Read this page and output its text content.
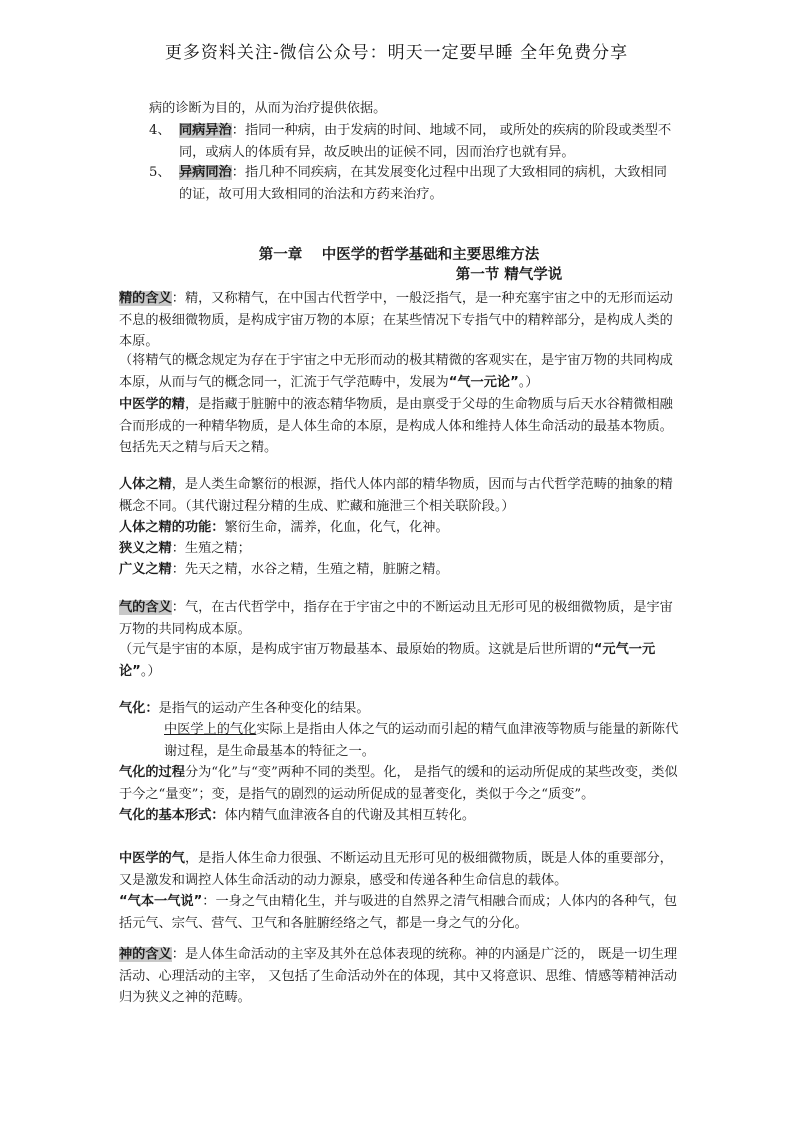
更多资料关注-微信公众号：明天一定要早睡 全年免费分享
病的诊断为目的，从而为治疗提供依据。
4、 同病异治：指同一种病，由于发病的时间、地域不同， 或所处的疾病的阶段或类型不同，或病人的体质有异，故反映出的证候不同，因而治疗也就有异。
5、 异病同治：指几种不同疾病，在其发展变化过程中出现了大致相同的病机，大致相同的证，故可用大致相同的治法和方药来治疗。
第一章　 中医学的哲学基础和主要思维方法
第一节 精气学说
精的含义：精，又称精气，在中国古代哲学中，一般泛指气，是一种充塞宇宙之中的无形而运动不息的极细微物质，是构成宇宙万物的本原；在某些情况下专指气中的精粹部分，是构成人类的本原。
（将精气的概念规定为存在于宇宙之中无形而动的极其精微的客观实在，是宇宙万物的共同构成本原，从而与气的概念同一，汇流于气学范畴中，发展为“气一元论”。）
中医学的精，是指藏于脏腑中的液态精华物质，是由禀受于父母的生命物质与后天水谷精微相融合而形成的一种精华物质，是人体生命的本原，是构成人体和维持人体生命活动的最基本物质。包括先天之精与后天之精。
人体之精，是人类生命繁衍的根源，指代人体内部的精华物质，因而与古代哲学范畴的抽象的精概念不同。（其代谢过程分精的生成、贮藏和施泄三个相关联阶段。）
人体之精的功能：繁衍生命，濡养，化血，化气，化神。
狭义之精：生殖之精；
广义之精：先天之精，水谷之精，生殖之精，脏腑之精。
气的含义：气，在古代哲学中，指存在于宇宙之中的不断运动且无形可见的极细微物质，是宇宙万物的共同构成本原。
（元气是宇宙的本原，是构成宇宙万物最基本、最原始的物质。这就是后世所谓的“元气一元论”。）
气化：是指气的运动产生各种变化的结果。
中医学上的气化实际上是指由人体之气的运动而引起的精气血津液等物质与能量的新陈代谢过程，是生命最基本的特征之一。
气化的过程分为“化”与“变”两种不同的类型。化， 是指气的缓和的运动所促成的某些改变，类似于今之“量变”；变，是指气的剧烈的运动所促成的显著变化，类似于今之“质变”。
气化的基本形式：体内精气血津液各自的代谢及其相互转化。
中医学的气，是指人体生命力很强、不断运动且无形可见的极细微物质，既是人体的重要部分，又是激发和调控人体生命活动的动力源泉，感受和传递各种生命信息的载体。
“气本一气说”：一身之气由精化生，并与吸进的自然界之清气相融合而成；人体内的各种气，包括元气、宗气、营气、卫气和各脏腑经络之气，都是一身之气的分化。
神的含义：是人体生命活动的主宰及其外在总体表现的统称。神的内涵是广泛的， 既是一切生理活动、心理活动的主宰， 又包括了生命活动外在的体现，其中又将意识、思维、情感等精神活动归为狭义之神的范畴。
